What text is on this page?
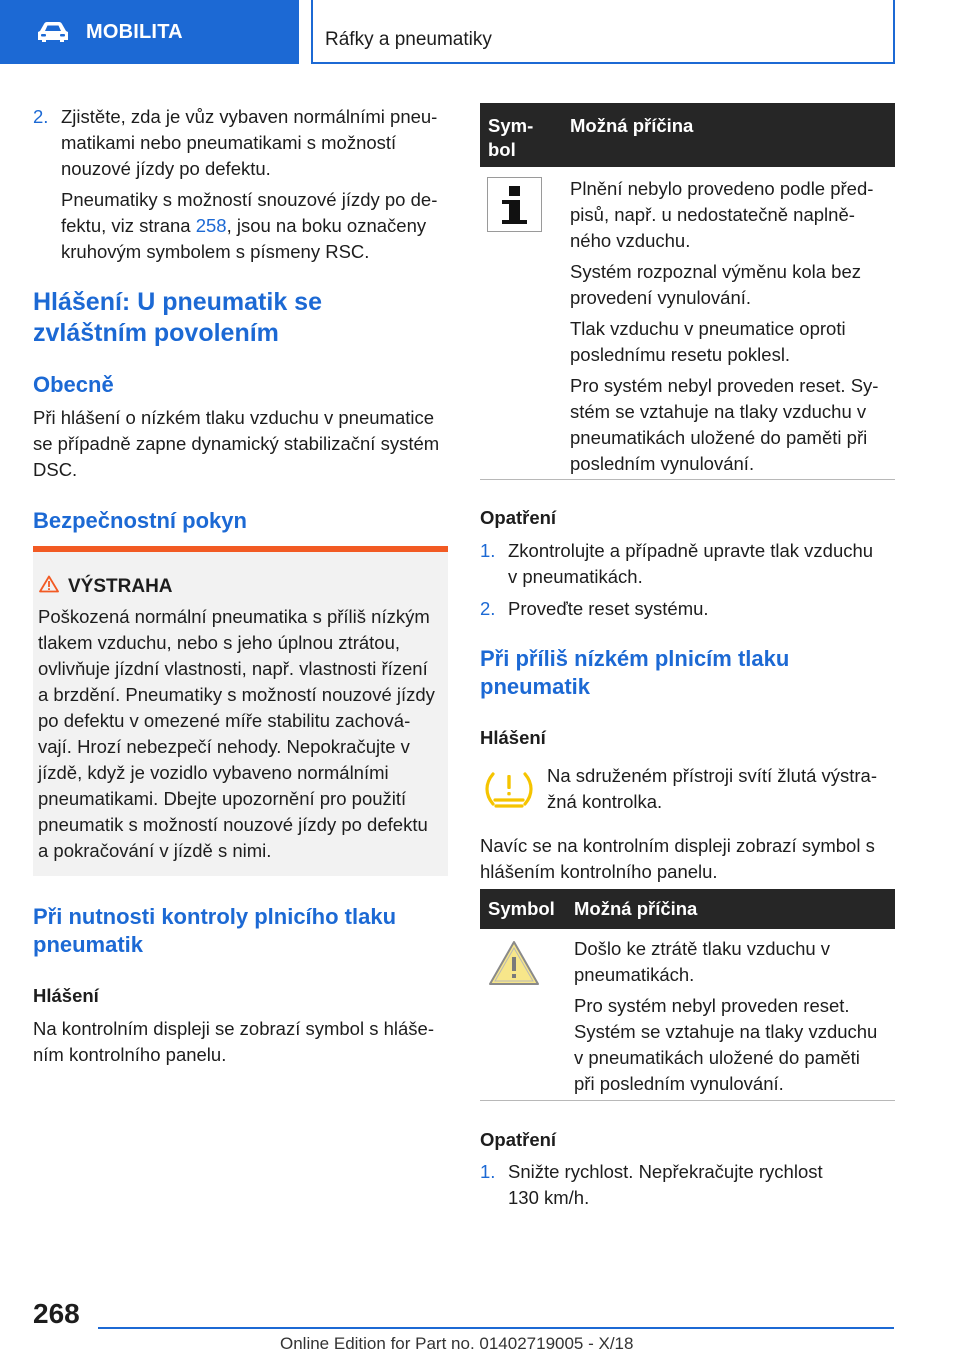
MOBILITA	Ráfky a pneumatiky
2. Zjistěte, zda je vůz vybaven normálními pneu-

matikami nebo pneumatikami s možností

nouzové jízdy po defektu.

Pneumatiky s možností snouzové jízdy po de-

fektu, viz strana 258, jsou na boku označeny

kruhovým symbolem s písmeny RSC.

Hlášení: U pneumatik se

zvláštním povolením

Obecně

Při hlášení o nízkém tlaku vzduchu v pneumatice

se případně zapne dynamický stabilizační systém

DSC.

Bezpečnostní pokyn
VÝSTRAHA

Poškozená normální pneumatika s příliš nízkým

tlakem vzduchu, nebo s jeho úplnou ztrátou,

ovlivňuje jízdní vlastnosti, např. vlastnosti řízení

a brzdění. Pneumatiky s možností nouzové jízdy

po defektu v omezené míře stabilitu zachová-

vají. Hrozí nebezpečí nehody. Nepokračujte v

jízdě, když je vozidlo vybaveno normálními

pneumatikami. Dbejte upozornění pro použití

pneumatik s možností nouzové jízdy po defektu

a pokračování v jízdě s nimi.

Při nutnosti kontroly plnicího tlaku

pneumatik

Hlášení

Na kontrolním displeji se zobrazí symbol s hláše-

ním kontrolního panelu.

Sym-

bol

Možná příčina

Plnění nebylo provedeno podle před-

pisů, např. u nedostatečně naplně-

ného vzduchu.

Systém rozpoznal výměnu kola bez

provedení vynulování.

Tlak vzduchu v pneumatice oproti

poslednímu resetu poklesl.

Pro systém nebyl proveden reset. Sy-

stém se vztahuje na tlaky vzduchu v

pneumatikách uložené do paměti při

posledním vynulování.

Opatření
1. Zkontrolujte a případně upravte tlak vzduchu

v pneumatikách.

2. Proveďte reset systému.

Při příliš nízkém plnicím tlaku

pneumatik

Hlášení

Na sdruženém přístroji svítí žlutá výstra-

žná kontrolka.

Navíc se na kontrolním displeji zobrazí symbol s

hlášením kontrolního panelu.

Symbol Možná příčina

Došlo ke ztrátě tlaku vzduchu v

pneumatikách.

Pro systém nebyl proveden reset.

Systém se vztahuje na tlaky vzduchu

v pneumatikách uložené do paměti

při posledním vynulování.

Opatření
1. Snižte rychlost. Nepřekračujte rychlost

130 km/h.

268
Online Edition for Part no. 01402719005 - X/18
